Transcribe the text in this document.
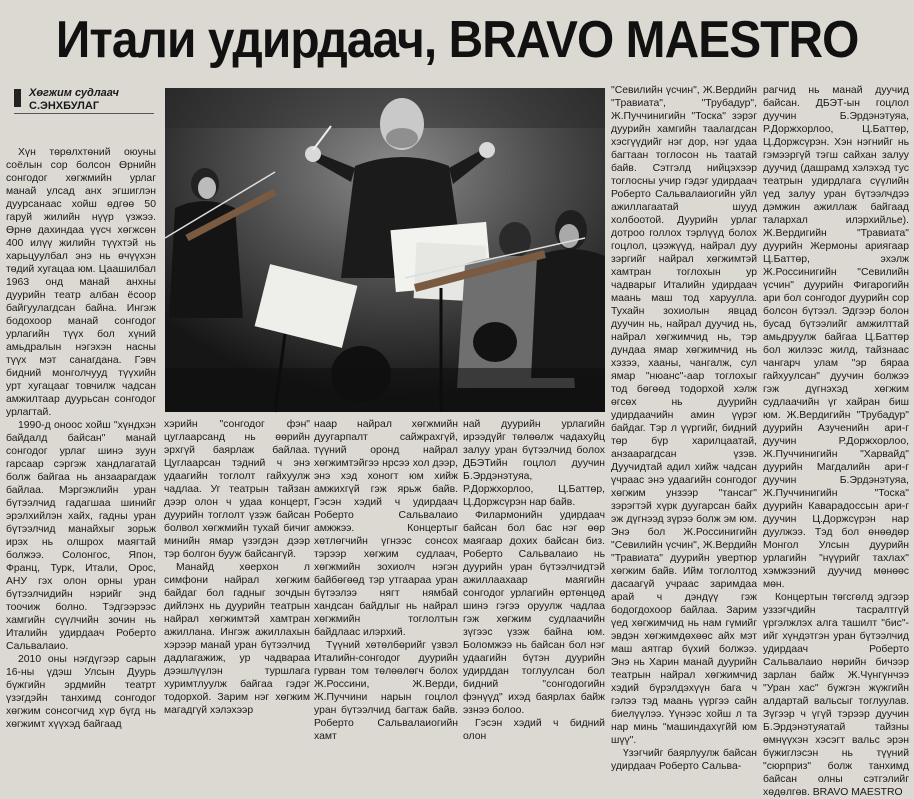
Итали удирдаач, BRAVO MAESTRO
Хөгжим судлаач
С.ЭНХБУЛАГ

Хүн төрөлхтөний оюуны соёлын сор болсон Өрнийн сонгодог хөгжмийн урлаг манай улсад анх эгшиглэн дуурсанаас хойш өдгөө 50 гаруй жилийн нүүр үзжээ. Өрнө дахиндаа үүсч хөгжсөн 400 илүү жилийн түүхтэй нь харьцуулбал энэ нь өчүүхэн төдий хугацаа юм. Цаашилбал 1963 онд манай анхны дуурийн театр албан ёсоор байгуулагдсан байна. Ингэж бодохоор манай сонгодог урлагийн түүх бол хүний амьдралын нэгэхэн насны түүх мэт санагдана. Гэвч бидний монголчууд түүхийн урт хугацааг товчилж чадсан амжилтаар дуурьсан сонгодог урлагтай.

1990-д оноос хойш "хүндхэн байдалд байсан" манай сонгодог урлаг шинэ зуун гарсаар сэргэж хандлагатай болж байгаа нь анзаарагдаж байлаа. Мэргэжлийн уран бүтээлчид гадагшаа шинийг эрэлхийлэн хайх, гадны уран бүтээлчид манайхыг зорьж ирэх нь олшрох маягтай болжээ. Солонгос, Япон, Франц, Турк, Итали, Орос, АНУ гэх олон орны уран бүтээлчидийн нэрийг энд тоочиж болно. Тэдгээрээс хамгийн сүүлчийн зочин нь Италийн удирдаач Роберто Сальвалаио.

2010 оны нэгдүгээр сарын 16-ны үдэш Улсын Дуурь бүжгийн эрдмийн театрт үзэгдэйн танхимд сонгодог хөгжим сонсогчид хүр бүгд нь хөгжимт хүүхэд байгаад

хэрийн "сонгодог фэн" цуглаарсанд нь өөрийн эрхгүй баярлаж байлаа. Цуглаарсан тэдний ч энэ удаагийн тоглолт гайхуулж чадлаа. Уг театрын тайзан дээр олон ч удаа концерт, дуурийн тоглолт үзэж байсан болвол хөгжмийн тухай бичиг минийн ямар үзэгдэн дээр тэр болгон бууж байсангүй.

Манайд хөерхон л симфони найрал хөгжим байдаг бол гадныг зочдын дийлэнх нь дуурийн театрын найрал хөгжимтэй хамтран ажиллана. Ингэж ажиллахын хэрээр манай уран бүтээлчид дадлагажиж, ур чадвараа дээшлүүлэн туршлага хуримтлуулж байгаа гэдэг тодорхой. Зарим нэг хөгжим магадгүй хэлэхээр

наар найрал хөгжмийн дуугарпалт сайжрахгүй, түүний оронд найрал хөгжимтэйгээ нрсээ хол дээр, энэ хэд хоногт юм хийж амжихгүй гэж ярьж байв. Гэсэн хэдий ч удирдаач Роберто Сальвалаио амжжээ. Концертыг хөтлөгчийн үгнээс сонсох тэрээр хөгжим судлаач, хөгжмийн зохиолч нэгэн байбөгөөд тэр утгаараа уран бүтээлээ нягт нямбай хандсан байдлыг нь найрал хөгжмийн тоглолтын байдлаас илэрхий.

Түүний хөтөлбөрийг үзвэл Италийн-сонгодог дуурийн гурван том төлөөлөгч болох Ж.Россини, Ж.Верди, Ж.Пуччини нарын гоцлол уран бүтээлчид багтаж байв. Роберто Сальвалаиогийн хамт

най дуурийн урлагийн ирээдүйг төлөөлж чадахуйц залуу уран бүтээлчид болох ДБЭТийн гоцлол дуучин Б.Эрдэнэтуяа, Р.Доржхорлоо, Ц.Баттөр, Ц.Доржсүрэн нар байв.

Филармонийн удирдаач байсан бол бас нэг өөр маягаар дохих байсан биз. Роберто Сальвалаио нь дуурийн уран бүтээлчидтэй ажиллаахаар маягийн сонгодог урлагийн өртөнцөд шинэ гэгээ оруулж чадлаа гэж хөгжим судлаачийн зүгээс үзэж байна юм. Боломжээ нь байсан бол нэг удаагийн бүтэн дуурийн удирддан тоглуулсан бол бидний "сонгодогийн фэнүүд" ихэд баярлах байж эзнээ болоо.

Гэсэн хэдий ч бидний олон

"Севилийн үсчин", Ж.Вердийн "Травиата", "Трубадур", Ж.Пуччинигийн "Тоска" зэрэг дуурийн хамгийн таалагдсан хэсгүүдийг нэг дор, нэг удаа багтаан тоглосон нь таатай байв. Сэтгэлд нийцэхээр тоглосны учир гэдэг удирдаач Роберто Сальвалаиогийн уйл ажиллагаатай шууд холбоотой. Дуурийн урлаг дотроо голлох тэрлүүд болох гоцлол, цээжүүд, найрал дуу зэргийг найрал хөгжимтэй хамтран тоглохын ур чадварыг Италийн удирдаач маань маш тод харуулла. Тухайн зохиолын явцад дуучин нь, найрал дуучид нь, найрал хөгжимчид нь, тэр дундаа ямар хөгжимчид нь хэзээ, хааны, чангалж, сул ямар "нюанс"-аар тоглохыг тод бөгөөд тодорхой хэлж өгсөх нь дуурийн удирдаачийн амин үүрэг байдаг. Тэр л үүргийг, бидний төр бүр харилцаатай, анзаарагдсан үзэв. Дуучидтай адил хийж чадсан үчраас энэ удаагийн сонгодог хөгжим унзээр "тансаг" зэрэгтэй хүрк дуугарсан байх эж дүгнээд зүрээ болж эм юм. Энэ бол Ж.Россинигийн "Севилийн үсчин", Ж.Вердийн "Травиата" дуурийн увертюр хөгжим байв. Ийм тоглолтод дасаагүй учраас заримдаа арай ч дэндүү гэж бодогдохоор байлаа. Зарим үед хөгжимчид нь нам гүмийг эвдэн хөгжимдөхөөс айх мэт маш аятгар бүхий болжээ. Энэ нь Харин манай дуурийн театрын найрал хөгжимчид хэдий бүрэлдэхүүн бага ч гэлээ тэд маань үүргээ сайн биелүүлээ. Үүнээс хойш л та нар минь "машиндахүгйй юм шүү".

Үзэгчийг баярлуулж байсан удирдаач Роберто Сальва-

рагчид нь манай дуучид байсан. ДБЭТ-ын гоцлол дуучин Б.Эрдэнэтуяа, Р.Доржхорлоо, Ц.Баттөр, Ц.Доржсүрэн. Хэн нэгнийг нь гэмээргүй тэгш сайхан залуу дуучид (дашрамд хэлэхэд тус театрын удирдлага сүүлийн үед залуу уран бүтээлчдээ дэмжин ажиллаж байгаад талархал илэрхийлье). Ж.Вердигийн "Травиата" дуурийн Жермоны ариягаар Ц.Баттөр, эхэлж Ж.Россинигийн "Севилийн үсчин" дуурийн Фигарогийн ари бол сонгодог дуурийн сор болсон бүтээл. Эдгээр болон бусад бүтээлийг амжилттай амьдруулж байгаа Ц.Баттөр бол жилээс жилд, тайзнаас чангарч улам "эр бяраа гайхуулсан" дуучин болжээ гэж дүгнэхэд хөгжим судлаачийн үг хайран биш юм. Ж.Вердигийн "Трубадур" дуурийн Азученийн ари-г дуучин Р.Доржхорлоо, Ж.Пуччинигийн "Харвайд" дуурийн Магдалийн ари-г дуучин Б.Эрдэнэтуяа, Ж.Пуччинигийн "Тоска" дуурийн Каварадоссын ари-г дуучин Ц.Доржсүрэн нар дуулжээ. Тэд бол өнөөдөр Монгол Улсын дуурийн урлагийн "нүүрийг тахлах" хэмжээний дуучид мөнөөс мөн.

Концертын төгсгөлд эдгээр уззэгчдийн тасралтгүй үргэлжлэх алга ташилт "бис"-ийг хүндэтгэн уран бүтээлчид удирдаач Роберто Сальвалаио нөрийн бичээр зарлан байж Ж.Чүнгүнчээ "Уран хас" бүжгэн жүжгийн алдартай вальсыг тоглуулав. Зүгээр ч үгүй тэрээр дуучин Б.Эрдэнэтуяатай тайзны өмнүүхэн хэсэгт вальс эрэн бүжиглэсэн нь түүний "сюрприз" болж танхимд байсан олны сэтгэлийг хөдөлгөв. BRAVO MAESTRO
